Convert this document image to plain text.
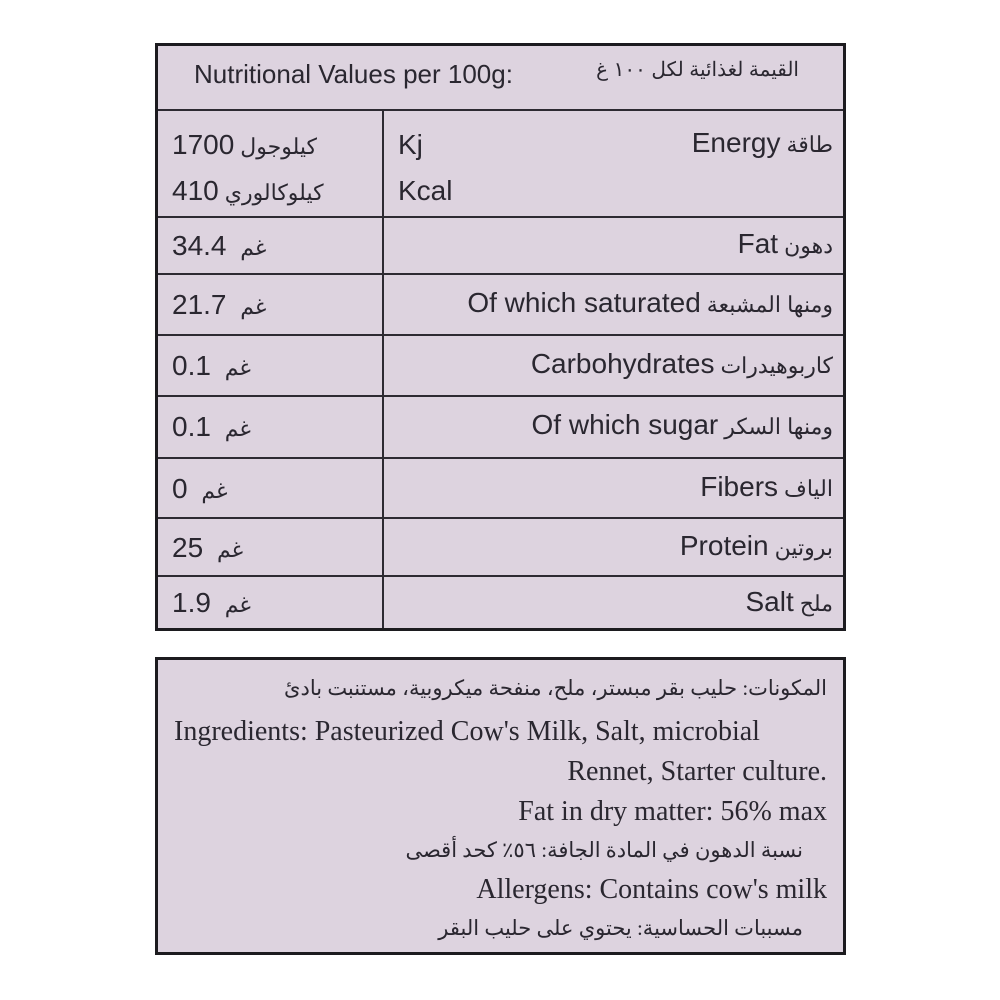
Nutritional Values per 100g:	القيمة لغذائية لكل ١٠٠ غ
1700 كيلوجول	Kj	Energy طاقة
410 كيلوكالوري	Kcal
غم 34.4	Fat دهون
غم 21.7	Of which saturated ومنها المشبعة
غم 0.1	Carbohydrates كاربوهيدرات
غم 0.1	Of which sugar ومنها السكر
غم 0	Fibers الياف
غم 25	Protein بروتين
غم 1.9	Salt ملح
المكونات: حليب بقر مبستر، ملح، منفحة ميكروبية، مستنبت بادئ
Ingredients: Pasteurized Cow's Milk, Salt, microbial
Rennet, Starter culture.
Fat in dry matter: 56% max
نسبة الدهون في المادة الجافة: ٥٦٪ كحد أقصى
Allergens: Contains cow's milk
مسببات الحساسية: يحتوي على حليب البقر
